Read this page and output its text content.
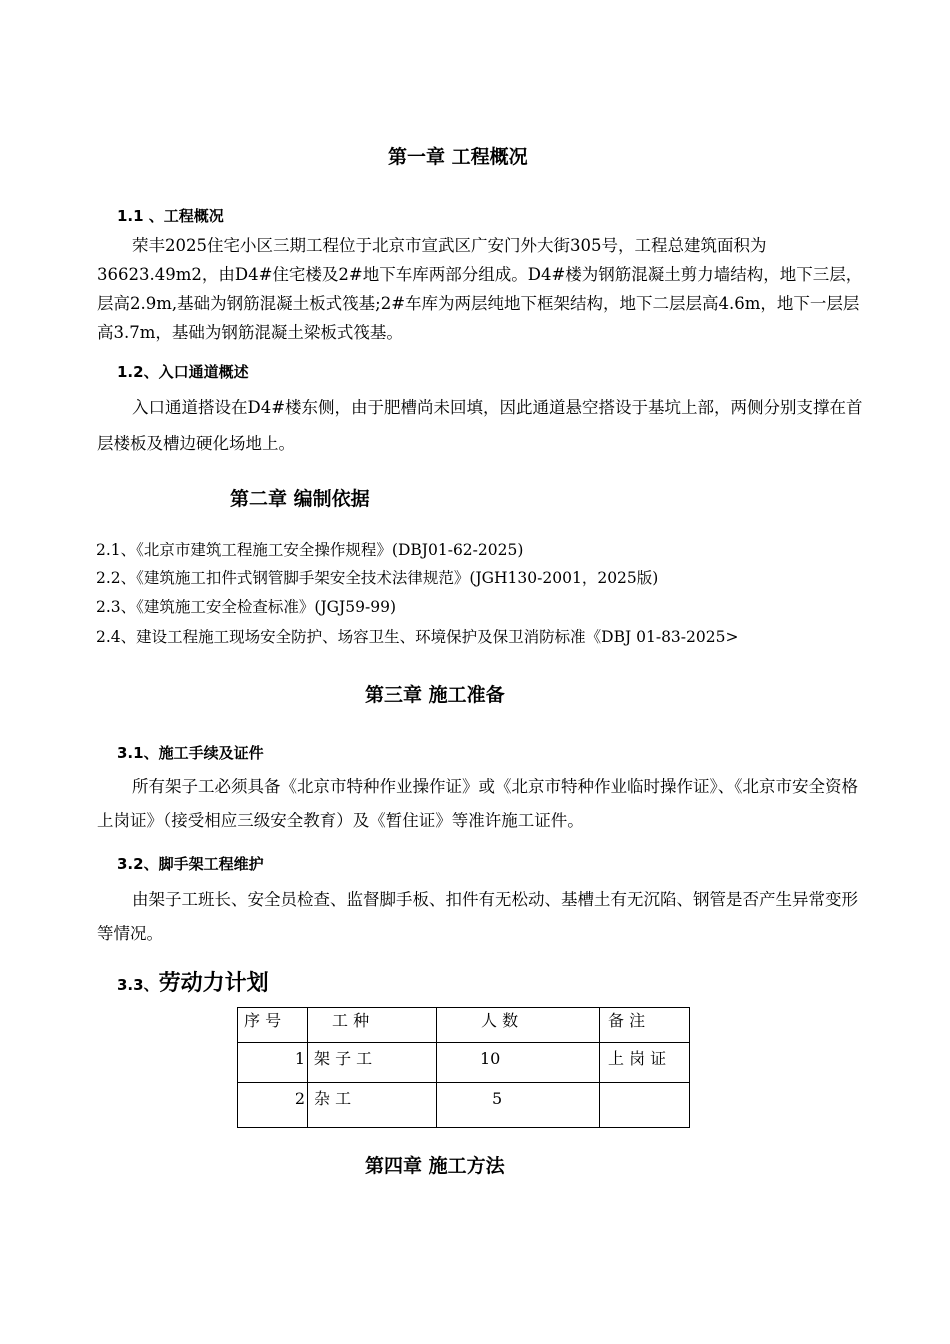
第一章 工程概况
1.1 、工程概况
荣丰2025住宅小区三期工程位于北京市宣武区广安门外大街305号，工程总建筑面积为36623.49m2，由D4#住宅楼及2#地下车库两部分组成。D4#楼为钢筋混凝土剪力墙结构，地下三层，层高2.9m,基础为钢筋混凝土板式筏基;2#车库为两层纯地下框架结构，地下二层层高4.6m，地下一层层高3.7m，基础为钢筋混凝土梁板式筏基。
1.2、入口通道概述
入口通道搭设在D4#楼东侧，由于肥槽尚未回填，因此通道悬空搭设于基坑上部，两侧分别支撑在首层楼板及槽边硬化场地上。
第二章 编制依据
2.1、《北京市建筑工程施工安全操作规程》(DBJ01-62-2025)
2.2、《建筑施工扣件式钢管脚手架安全技术法律规范》(JGH130-2001，2025版)
2.3、《建筑施工安全检查标准》(JGJ59-99)
2.4、建设工程施工现场安全防护、场容卫生、环境保护及保卫消防标准《DBJ 01-83-2025>
第三章 施工准备
3.1、施工手续及证件
所有架子工必须具备《北京市特种作业操作证》或《北京市特种作业临时操作证》、《北京市安全资格上岗证》（接受相应三级安全教育）及《暂住证》等准许施工证件。
3.2、脚手架工程维护
由架子工班长、安全员检查、监督脚手板、扣件有无松动、基槽土有无沉陷、钢管是否产生异常变形等情况。
3.3、劳动力计划
序 号	工 种	人 数	备 注
1	架 子 工	10	上 岗 证
2	杂 工	5	
第四章 施工方法
